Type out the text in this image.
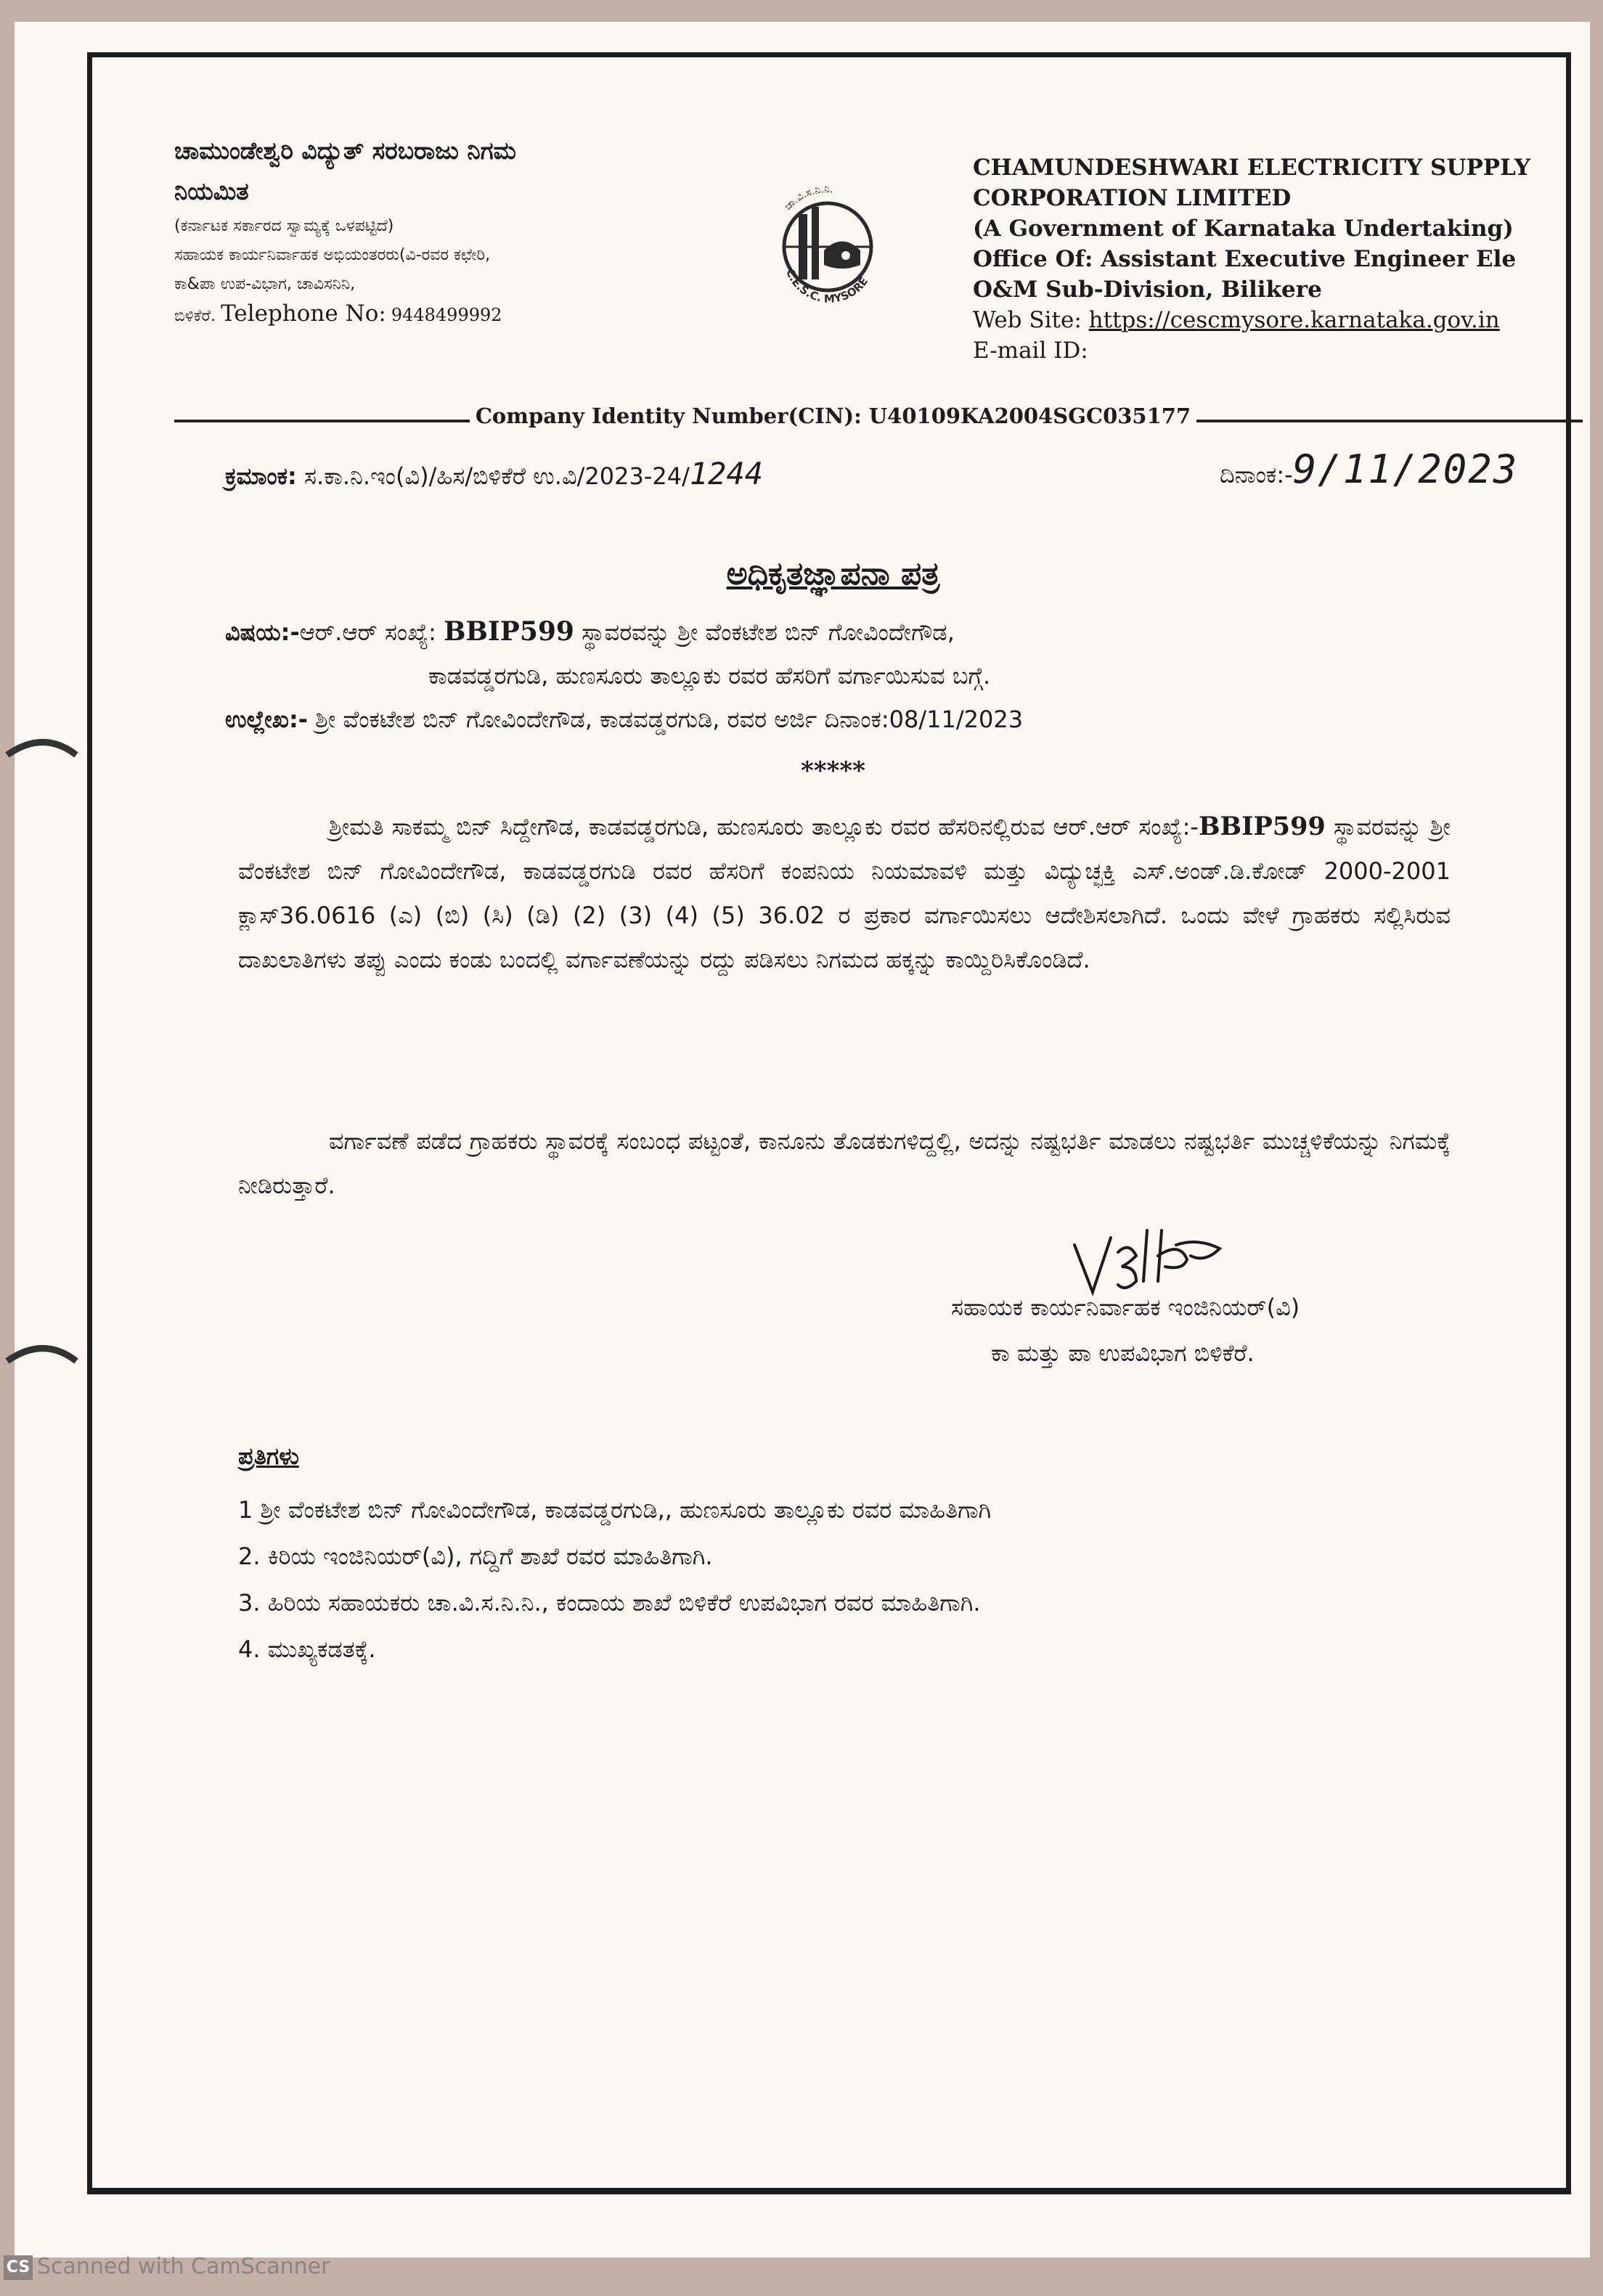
ಚಾಮುಂಡೇಶ್ವರಿ ವಿದ್ಯುತ್ ಸರಬರಾಜು ನಿಗಮ
ನಿಯಮಿತ
(ಕರ್ನಾಟಕ ಸರ್ಕಾರದ ಸ್ವಾಮ್ಯಕ್ಕೆ ಒಳಪಟ್ಟಿದೆ)
ಸಹಾಯಕ ಕಾರ್ಯನಿರ್ವಾಹಕ ಅಭಿಯಂತರರು(ವಿ-ರವರ ಕಛೇರಿ,
ಕಾ&ಪಾ ಉಪ-ವಿಭಾಗ, ಚಾವಿಸನಿನಿ,
ಬಿಳಿಕೆರೆ. Telephone No: 9448499992
ಚಾ.ವಿ.ಸ.ನಿ.ನಿ.
C.E.S.C. MYSORE
CHAMUNDESHWARI ELECTRICITY SUPPLY
CORPORATION LIMITED
(A Government of Karnataka Undertaking)
Office Of: Assistant Executive Engineer Ele
O&M Sub-Division, Bilikere
Web Site: https://cescmysore.karnataka.gov.in
E-mail ID:
Company Identity Number(CIN): U40109KA2004SGC035177
ಕ್ರಮಾಂಕ: ಸ.ಕಾ.ನಿ.ಇಂ(ವಿ)/ಹಿಸ/ಬಿಳಿಕೆರೆ ಉ.ವಿ/2023-24/1244	ದಿನಾಂಕ:-9/11/2023
ಅಧಿಕೃತಜ್ಞಾಪನಾ ಪತ್ರ
ವಿಷಯ:-ಆರ್.ಆರ್ ಸಂಖ್ಯೆ: BBIP599 ಸ್ಥಾವರವನ್ನು ಶ್ರೀ ವೆಂಕಟೇಶ ಬಿನ್ ಗೋವಿಂದೇಗೌಡ,
ಕಾಡವಡ್ಡರಗುಡಿ, ಹುಣಸೂರು ತಾಲ್ಲೂಕು ರವರ ಹೆಸರಿಗೆ ವರ್ಗಾಯಿಸುವ ಬಗ್ಗೆ.
ಉಲ್ಲೇಖ:- ಶ್ರೀ ವೆಂಕಟೇಶ ಬಿನ್ ಗೋವಿಂದೇಗೌಡ, ಕಾಡವಡ್ಡರಗುಡಿ, ರವರ ಅರ್ಜಿ ದಿನಾಂಕ:08/11/2023
*****
ಶ್ರೀಮತಿ ಸಾಕಮ್ಮ ಬಿನ್ ಸಿದ್ದೇಗೌಡ, ಕಾಡವಡ್ಡರಗುಡಿ, ಹುಣಸೂರು ತಾಲ್ಲೂಕು ರವರ ಹೆಸರಿನಲ್ಲಿರುವ ಆರ್.ಆರ್ ಸಂಖ್ಯೆ:-BBIP599 ಸ್ಥಾವರವನ್ನು ಶ್ರೀ ವೆಂಕಟೇಶ ಬಿನ್ ಗೋವಿಂದೇಗೌಡ, ಕಾಡವಡ್ಡರಗುಡಿ ರವರ ಹೆಸರಿಗೆ ಕಂಪನಿಯ ನಿಯಮಾವಳಿ ಮತ್ತು ವಿದ್ಯುಚ್ಛಕ್ತಿ ಎಸ್.ಅಂಡ್.ಡಿ.ಕೋಡ್ 2000-2001 ಕ್ಲಾಸ್36.0616 (ಎ) (ಬಿ) (ಸಿ) (ಡಿ) (2) (3) (4) (5) 36.02 ರ ಪ್ರಕಾರ ವರ್ಗಾಯಿಸಲು ಆದೇಶಿಸಲಾಗಿದೆ. ಒಂದು ವೇಳೆ ಗ್ರಾಹಕರು ಸಲ್ಲಿಸಿರುವ ದಾಖಲಾತಿಗಳು ತಪ್ಪು ಎಂದು ಕಂಡು ಬಂದಲ್ಲಿ ವರ್ಗಾವಣೆಯನ್ನು ರದ್ದು ಪಡಿಸಲು ನಿಗಮದ ಹಕ್ಕನ್ನು ಕಾಯ್ದಿರಿಸಿಕೊಂಡಿದೆ.
ವರ್ಗಾವಣೆ ಪಡೆದ ಗ್ರಾಹಕರು ಸ್ಥಾವರಕ್ಕೆ ಸಂಬಂಧ ಪಟ್ಟಂತೆ, ಕಾನೂನು ತೊಡಕುಗಳಿದ್ದಲ್ಲಿ, ಅದನ್ನು ನಷ್ಟಭರ್ತಿ ಮಾಡಲು ನಷ್ಟಭರ್ತಿ ಮುಚ್ಚಳಿಕೆಯನ್ನು ನಿಗಮಕ್ಕೆ ನೀಡಿರುತ್ತಾರೆ.
ಸಹಾಯಕ ಕಾರ್ಯನಿರ್ವಾಹಕ ಇಂಜಿನಿಯರ್(ವಿ)
ಕಾ ಮತ್ತು ಪಾ ಉಪವಿಭಾಗ ಬಿಳಿಕೆರೆ.
ಪ್ರತಿಗಳು
1 ಶ್ರೀ ವೆಂಕಟೇಶ ಬಿನ್ ಗೋವಿಂದೇಗೌಡ, ಕಾಡವಡ್ಡರಗುಡಿ,, ಹುಣಸೂರು ತಾಲ್ಲೂಕು ರವರ ಮಾಹಿತಿಗಾಗಿ
2. ಕಿರಿಯ ಇಂಜಿನಿಯರ್(ವಿ), ಗದ್ದಿಗೆ ಶಾಖೆ ರವರ ಮಾಹಿತಿಗಾಗಿ.
3. ಹಿರಿಯ ಸಹಾಯಕರು ಚಾ.ವಿ.ಸ.ನಿ.ನಿ., ಕಂದಾಯ ಶಾಖೆ ಬಿಳಿಕೆರೆ ಉಪವಿಭಾಗ ರವರ ಮಾಹಿತಿಗಾಗಿ.
4. ಮುಖ್ಯಕಡತಕ್ಕೆ.
CS Scanned with CamScanner
